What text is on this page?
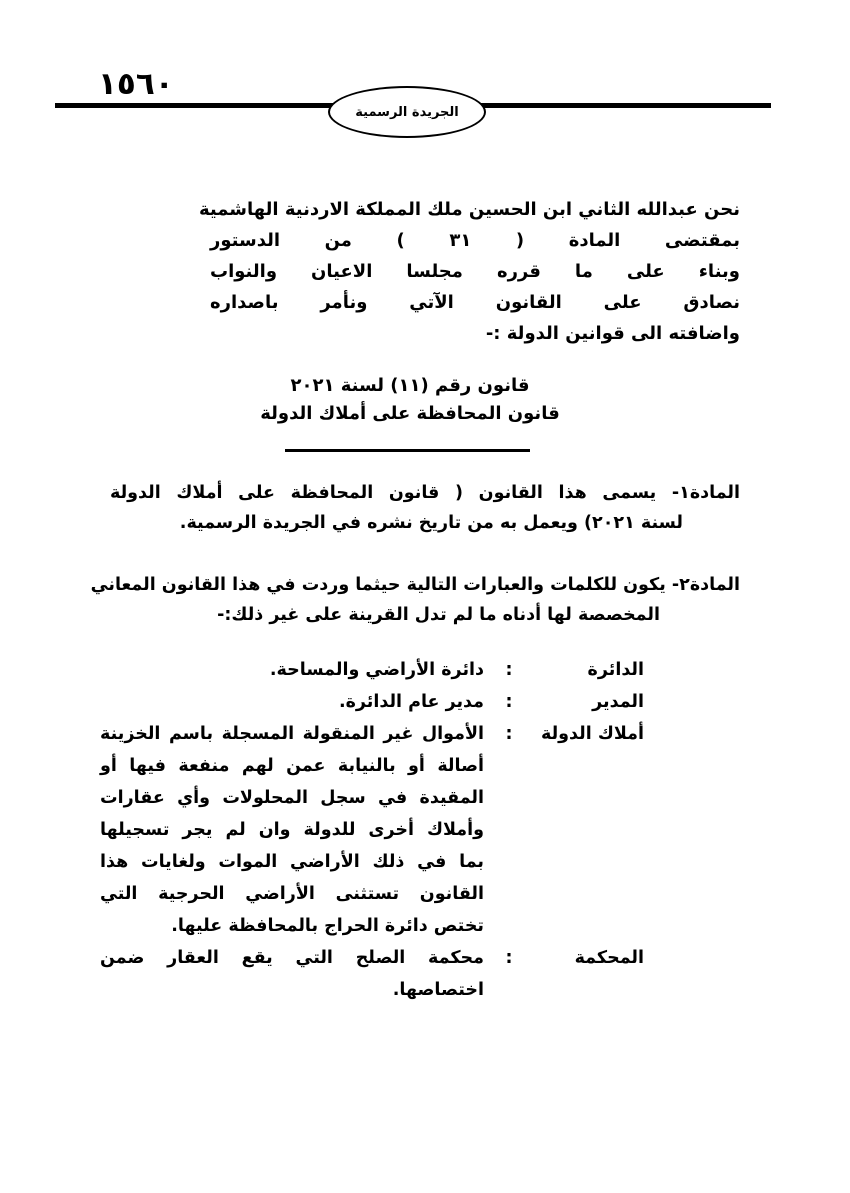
١٥٦٠
الجريدة الرسمية
نحن عبدالله الثاني ابن الحسين ملك المملكة الاردنية الهاشمية
بمقتضى المادة ( ٣١ ) من الدستور
وبناء على ما قرره مجلسا الاعيان والنواب
نصادق على القانون الآتي ونأمر باصداره
واضافته الى قوانين الدولة :-
قانون رقم (١١) لسنة ٢٠٢١
قانون المحافظة على أملاك الدولة
المادة١- يسمى هذا القانون ( قانون المحافظة على أملاك الدولة
لسنة ٢٠٢١) ويعمل به من تاريخ نشره في الجريدة الرسمية.
المادة٢- يكون للكلمات والعبارات التالية حيثما وردت في هذا القانون المعاني
المخصصة لها أدناه ما لم تدل القرينة على غير ذلك:-
الدائرة
:
دائرة الأراضي والمساحة.
المدير
:
مدير عام الدائرة.
أملاك الدولة
:
الأموال غير المنقولة المسجلة باسم الخزينة
أصالة أو بالنيابة عمن لهم منفعة فيها أو
المقيدة في سجل المحلولات وأي عقارات
وأملاك أخرى للدولة وان لم يجر تسجيلها
بما في ذلك الأراضي الموات ولغايات هذا
القانون تستثنى الأراضي الحرجية التي
تختص دائرة الحراج بالمحافظة عليها.
المحكمة
:
محكمة الصلح التي يقع العقار ضمن
اختصاصها.
